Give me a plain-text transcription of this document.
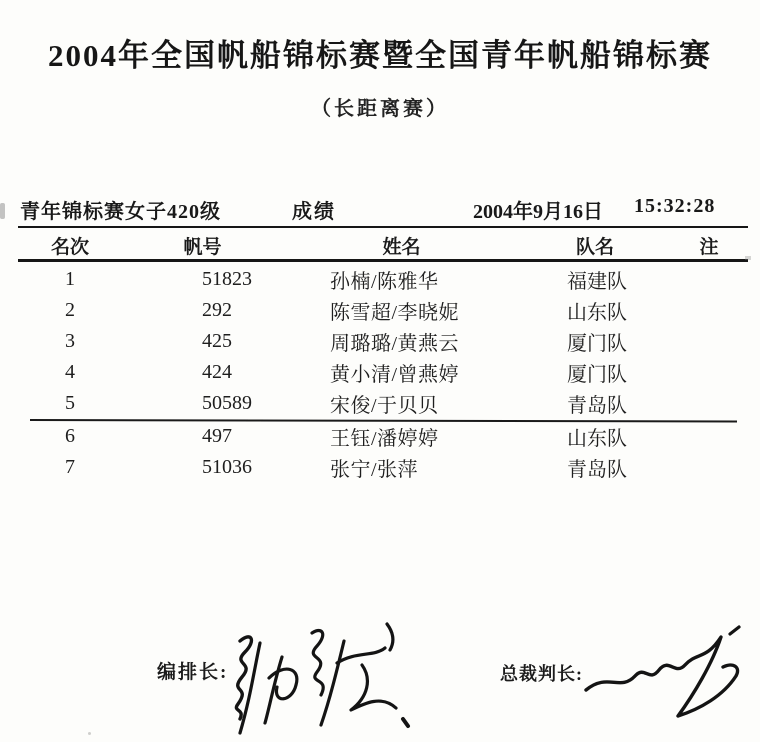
2004年全国帆船锦标赛暨全国青年帆船锦标赛
（长距离赛）
青年锦标赛女子420级	成绩	2004年9月16日 15:32:28
名次	帆号	姓名	队名	注
1	51823	孙楠/陈雅华	福建队
2	292	陈雪超/李晓妮	山东队
3	425	周璐璐/黄燕云	厦门队
4	424	黄小清/曾燕婷	厦门队
5	50589	宋俊/于贝贝	青岛队
6	497	王钰/潘婷婷	山东队
7	51036	张宁/张萍	青岛队
编排长:	总裁判长:
